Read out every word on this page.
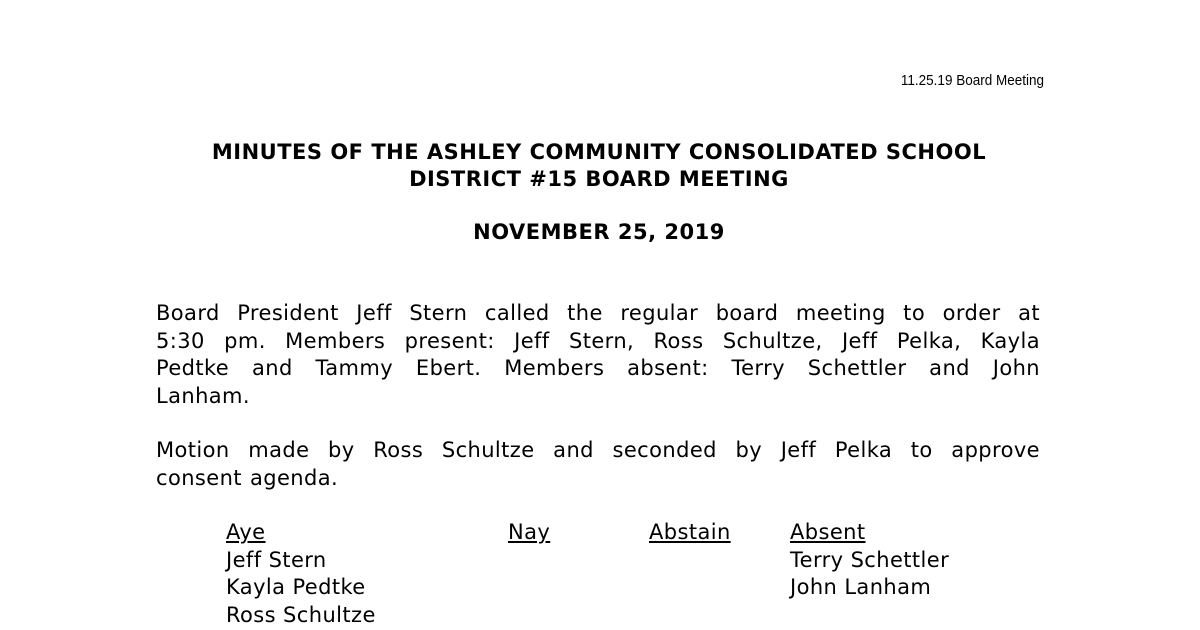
11.25.19 Board Meeting
MINUTES OF THE ASHLEY COMMUNITY CONSOLIDATED SCHOOL
DISTRICT #15 BOARD MEETING
NOVEMBER 25, 2019
Board President Jeff Stern called the regular board meeting to order at
5:30 pm. Members present: Jeff Stern, Ross Schultze, Jeff Pelka, Kayla
Pedtke and Tammy Ebert. Members absent: Terry Schettler and John
Lanham.
Motion made by Ross Schultze and seconded by Jeff Pelka to approve
consent agenda.
Aye
Jeff Stern
Kayla Pedtke
Ross Schultze
Nay	Abstain	Absent
Terry Schettler
John Lanham
